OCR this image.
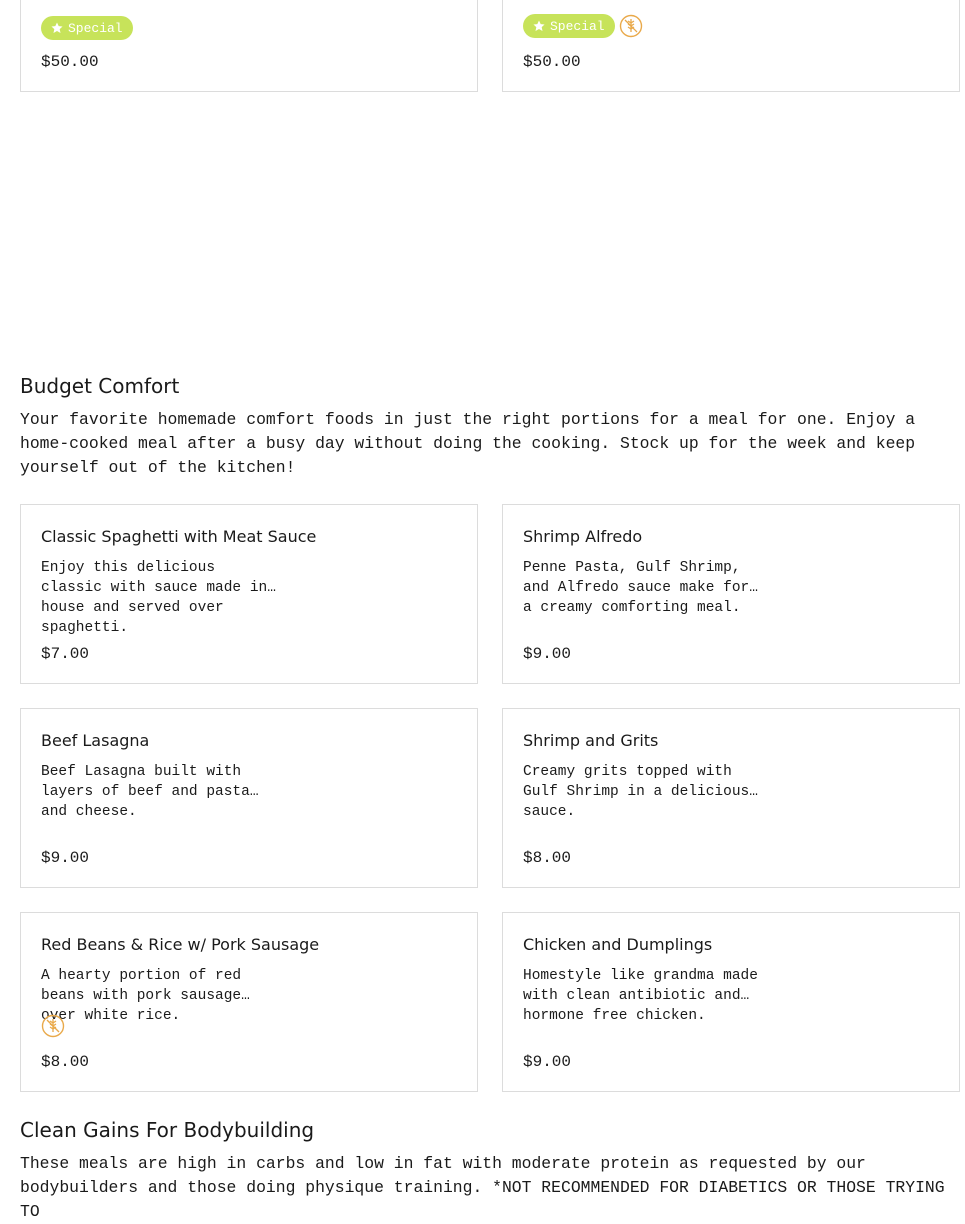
Special
$50.00
Special
$50.00
Budget Comfort
Your favorite homemade comfort foods in just the right portions for a meal for one. Enjoy a home-cooked meal after a busy day without doing the cooking. Stock up for the week and keep yourself out of the kitchen!
Classic Spaghetti with Meat Sauce
Enjoy this delicious classic with sauce made in-house and served over spaghetti.
$7.00
Shrimp Alfredo
Penne Pasta, Gulf Shrimp, and Alfredo sauce make for a creamy comforting meal.
$9.00
Beef Lasagna
Beef Lasagna built with layers of beef and pasta and cheese.
$9.00
Shrimp and Grits
Creamy grits topped with Gulf Shrimp in a delicious sauce.
$8.00
Red Beans & Rice w/ Pork Sausage
A hearty portion of red beans with pork sausage over white rice.
$8.00
Chicken and Dumplings
Homestyle like grandma made with clean antibiotic and hormone free chicken.
$9.00
Clean Gains For Bodybuilding
These meals are high in carbs and low in fat with moderate protein as requested by our bodybuilders and those doing physique training. *NOT RECOMMENDED FOR DIABETICS OR THOSE TRYING TO
